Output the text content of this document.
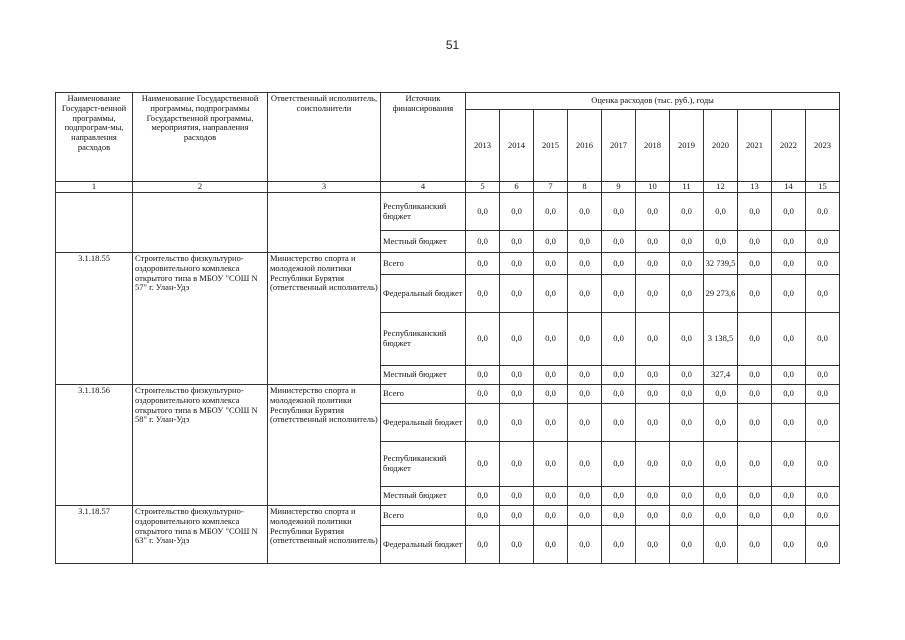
51
Наименование Государст-венной программы, подпрограм-мы, направления расходов	Наименование Государственной программы, подпрограммы Государственной программы, мероприятия, направления расходов	Ответственный исполнитель, соисполнители	Источник финансирования	Оценка расходов (тыс. руб.), годы										
				2013	2014	2015	2016	2017	2018	2019	2020	2021	2022	2023
1	2	3	4	5	6	7	8	9	10	11	12	13	14	15
			Республиканский бюджет	0,0	0,0	0,0	0,0	0,0	0,0	0,0	0,0	0,0	0,0	0,0
			Местный бюджет	0,0	0,0	0,0	0,0	0,0	0,0	0,0	0,0	0,0	0,0	0,0
3.1.18.55	Строительство физкультурно-оздоровительного комплекса открытого типа в МБОУ "СОШ N 57" г. Улан-Удэ	Министерство спорта и молодежной политики Республики Бурятия (ответственный исполнитель)	Всего	0,0	0,0	0,0	0,0	0,0	0,0	0,0	32 739,5	0,0	0,0	0,0
			Федеральный бюджет	0,0	0,0	0,0	0,0	0,0	0,0	0,0	29 273,6	0,0	0,0	0,0
			Республиканский бюджет	0,0	0,0	0,0	0,0	0,0	0,0	0,0	3 138,5	0,0	0,0	0,0
			Местный бюджет	0,0	0,0	0,0	0,0	0,0	0,0	0,0	327,4	0,0	0,0	0,0
3.1.18.56	Строительство физкультурно-оздоровительного комплекса открытого типа в МБОУ "СОШ N 58" г. Улан-Удэ	Министерство спорта и молодежной политики Республики Бурятия (ответственный исполнитель)	Всего	0,0	0,0	0,0	0,0	0,0	0,0	0,0	0,0	0,0	0,0	0,0
			Федеральный бюджет	0,0	0,0	0,0	0,0	0,0	0,0	0,0	0,0	0,0	0,0	0,0
			Республиканский бюджет	0,0	0,0	0,0	0,0	0,0	0,0	0,0	0,0	0,0	0,0	0,0
			Местный бюджет	0,0	0,0	0,0	0,0	0,0	0,0	0,0	0,0	0,0	0,0	0,0
3.1.18.57	Строительство физкультурно-оздоровительного комплекса открытого типа в МБОУ "СОШ N 63" г. Улан-Удэ	Министерство спорта и молодежной политики Республики Бурятия (ответственный исполнитель)	Всего	0,0	0,0	0,0	0,0	0,0	0,0	0,0	0,0	0,0	0,0	0,0
			Федеральный бюджет	0,0	0,0	0,0	0,0	0,0	0,0	0,0	0,0	0,0	0,0	0,0
